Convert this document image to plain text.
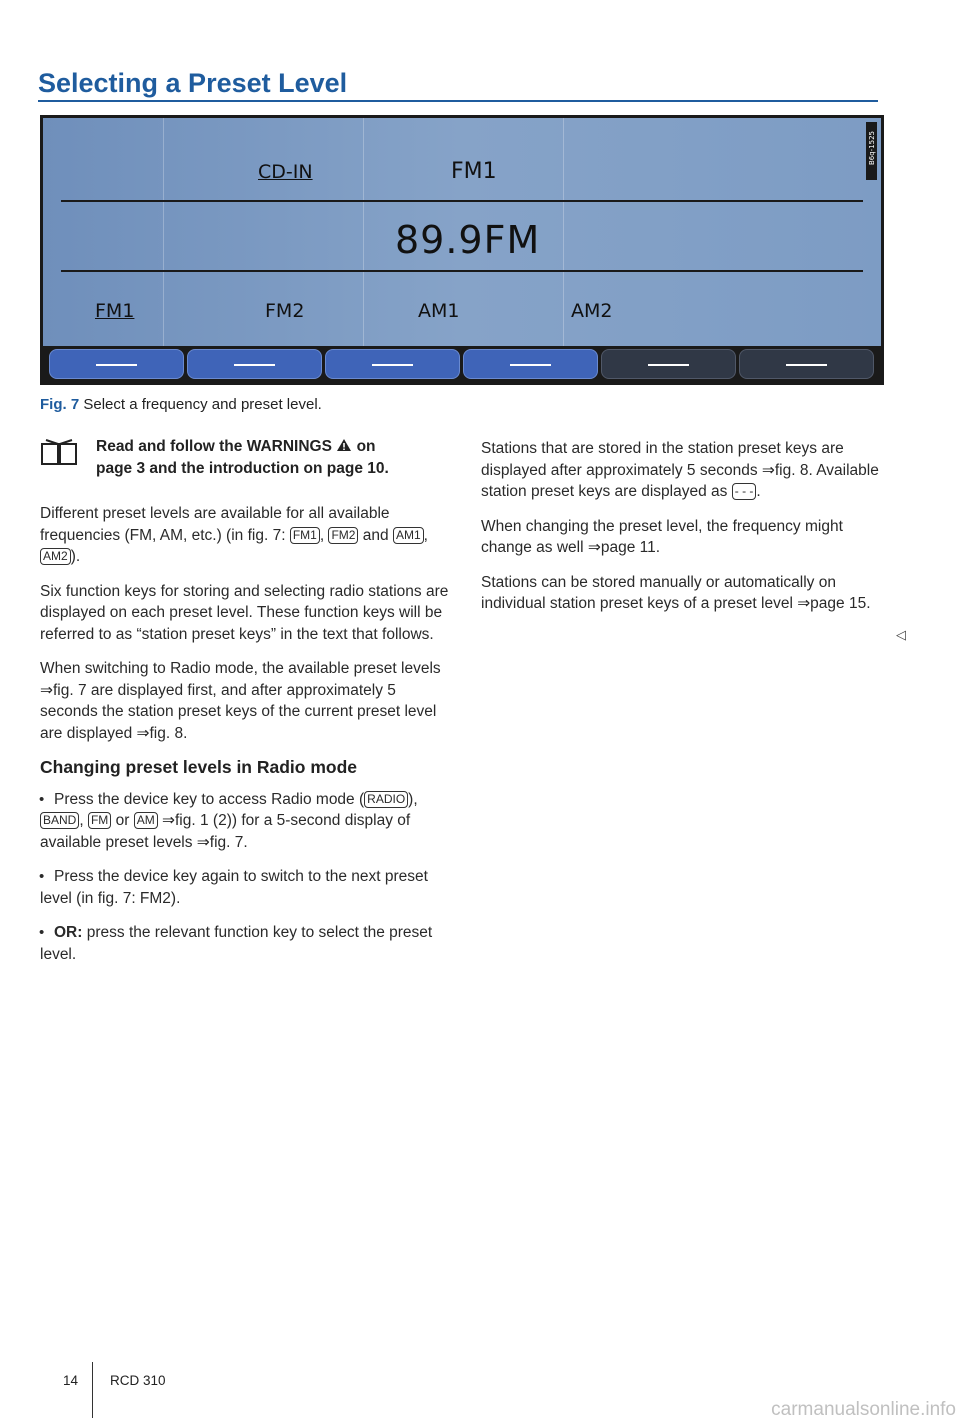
Selecting a Preset Level
B6q-1525
CD-IN	FM1
89.9FM
FM1	FM2	AM1	AM2
Fig. 7 Select a frequency and preset level.
Read and follow the WARNINGS on
page 3 and the introduction on page 10.

Different preset levels are available for all available frequencies (FM, AM, etc.) (in fig. 7: FM1 , FM2 and AM1 , AM2 ).

Six function keys for storing and selecting radio stations are displayed on each preset level. These function keys will be referred to as “station preset keys” in the text that follows.

When switching to Radio mode, the available preset levels ⇒fig. 7 are displayed first, and after approximately 5 seconds the station preset keys of the current preset level are displayed ⇒fig. 8.

Changing preset levels in Radio mode

• Press the device key to access Radio mode ( RADIO ), BAND , FM or AM ⇒fig. 1 (2)) for a 5-second display of available preset levels ⇒fig. 7.

• Press the device key again to switch to the next preset level (in fig. 7: FM2).

• OR: press the relevant function key to select the preset level.

Stations that are stored in the station preset keys are displayed after approximately 5 seconds ⇒fig. 8. Available station preset keys are displayed as - - - .

When changing the preset level, the frequency might change as well ⇒page 11.

Stations can be stored manually or automatically on individual station preset keys of a preset level ⇒page 15.

◁
14 RCD 310
carmanualsonline.info
